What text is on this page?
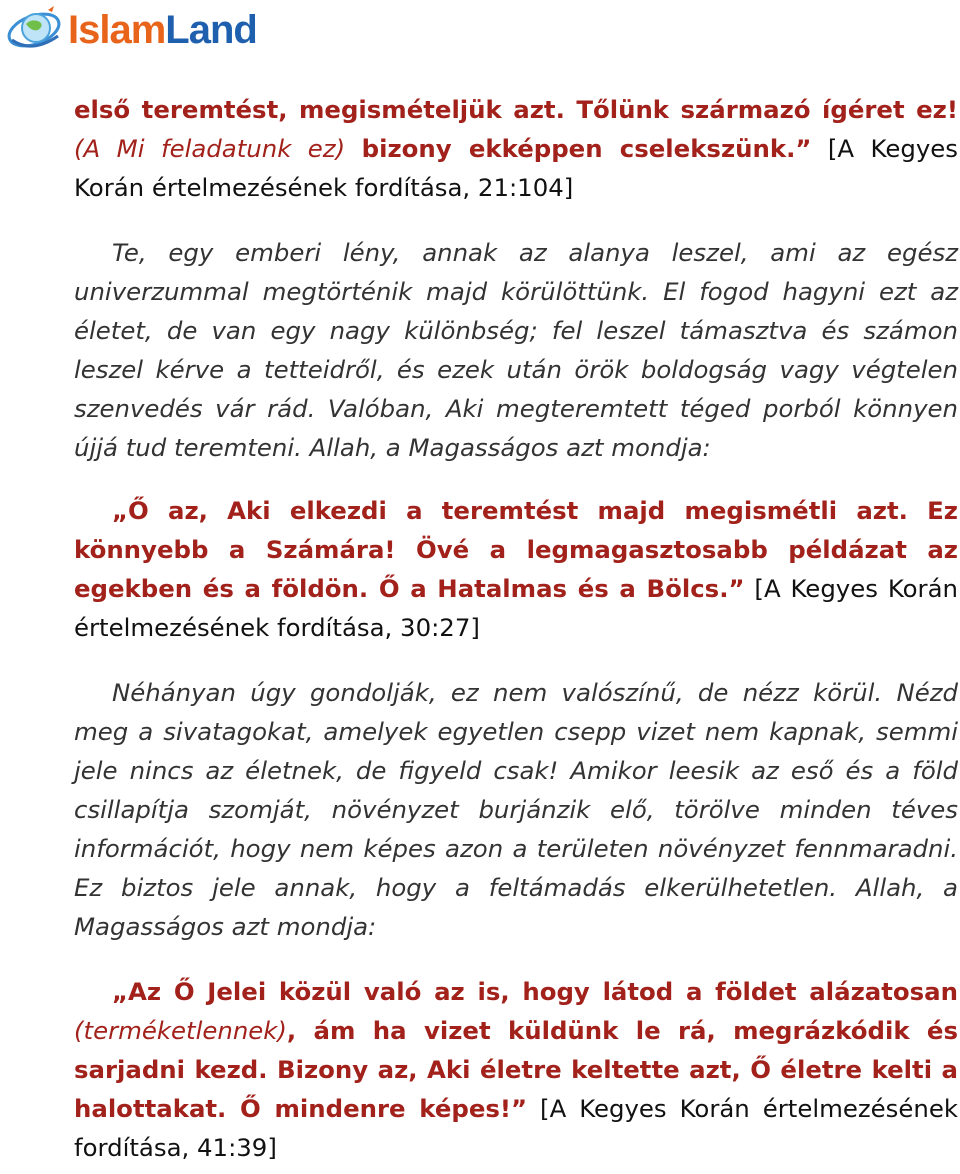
IslamLand

első teremtést, megismételjük azt. Tőlünk származó ígéret ez! (A Mi feladatunk ez) bizony ekképpen cselekszünk.” [A Kegyes Korán értelmezésének fordítása, 21:104]

Te, egy emberi lény, annak az alanya leszel, ami az egész univerzummal megtörténik majd körülöttünk. El fogod hagyni ezt az életet, de van egy nagy különbség; fel leszel támasztva és számon leszel kérve a tetteidről, és ezek után örök boldogság vagy végtelen szenvedés vár rád. Valóban, Aki megteremtett téged porból könnyen újjá tud teremteni. Allah, a Magasságos azt mondja:

„Ő az, Aki elkezdi a teremtést majd megismétli azt. Ez könnyebb a Számára! Övé a legmagasztosabb példázat az egekben és a földön. Ő a Hatalmas és a Bölcs.” [A Kegyes Korán értelmezésének fordítása, 30:27]

Néhányan úgy gondolják, ez nem valószínű, de nézz körül. Nézd meg a sivatagokat, amelyek egyetlen csepp vizet nem kapnak, semmi jele nincs az életnek, de figyeld csak! Amikor leesik az eső és a föld csillapítja szomját, növényzet burjánzik elő, törölve minden téves információt, hogy nem képes azon a területen növényzet fennmaradni. Ez biztos jele annak, hogy a feltámadás elkerülhetetlen. Allah, a Magasságos azt mondja:

„Az Ő Jelei közül való az is, hogy látod a földet alázatosan (terméketlennek), ám ha vizet küldünk le rá, megrázkódik és sarjadni kezd. Bizony az, Aki életre keltette azt, Ő életre kelti a halottakat. Ő mindenre képes!” [A Kegyes Korán értelmezésének fordítása, 41:39]
